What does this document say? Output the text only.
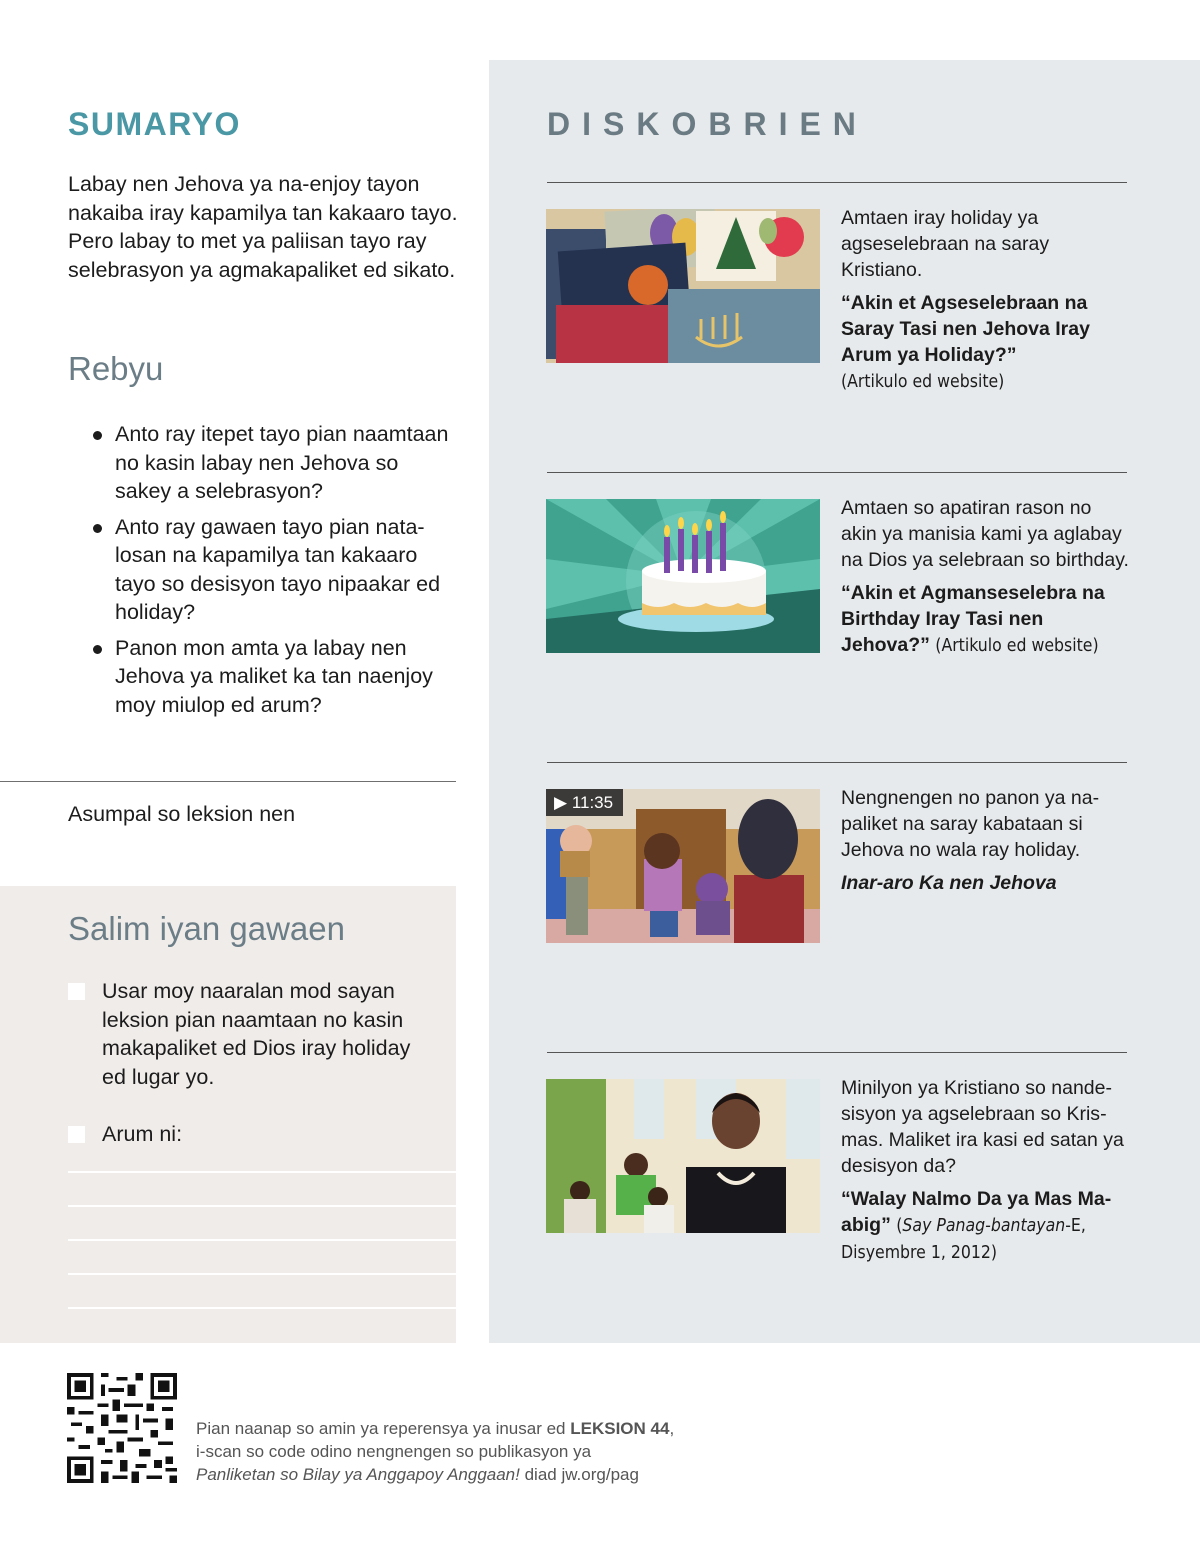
SUMARYO

Labay nen Jehova ya na-enjoy tayon nakaiba iray kapamilya tan kakaaro tayo. Pero labay to met ya paliisan tayo ray selebrasyon ya agmakapaliket ed sikato.

Rebyu
Anto ray itepet tayo pian naamtaan no kasin labay nen Jehova so sakey a selebrasyon?
Anto ray gawaen tayo pian natalosan na kapamilya tan kakaaro tayo so desisyon tayo nipaakar ed holiday?
Panon mon amta ya labay nen Jehova ya maliket ka tan naenjoy moy miulop ed arum?

Asumpal so leksion nen

Salim iyan gawaen
Usar moy naaralan mod sayan leksion pian naamtaan no kasin makapaliket ed Dios iray holiday ed lugar yo.
Arum ni:
DISKOBRIEN

Amtaen iray holiday ya agseselebraan na saray Kristiano.

“Akin et Agseselebraan na Saray Tasi nen Jehova Iray Arum ya Holiday?”
(Artikulo ed website)

Amtaen so apatiran rason no akin ya manisia kami ya aglabay na Dios ya selebraan so birthday.

“Akin et Agmanseselebra na Birthday Iray Tasi nen Jehova?” (Artikulo ed website)

▶ 11:35	Nengnengen no panon ya napaliket na saray kabataan si Jehova no wala ray holiday.

Inar-aro Ka nen Jehova

Minilyon ya Kristiano so nandesisyon ya agselebraan so Krismas. Maliket ira kasi ed satan ya desisyon da?

“Walay Nalmo Da ya Mas Maabig” (Say Panag-bantayan-E, Disyembre 1, 2012)

Pian naanap so amin ya reperensya ya inusar ed LEKSION 44,
i-scan so code odino nengnengen so publikasyon ya
Panliketan so Bilay ya Anggapoy Anggaan! diad jw.org/pag
